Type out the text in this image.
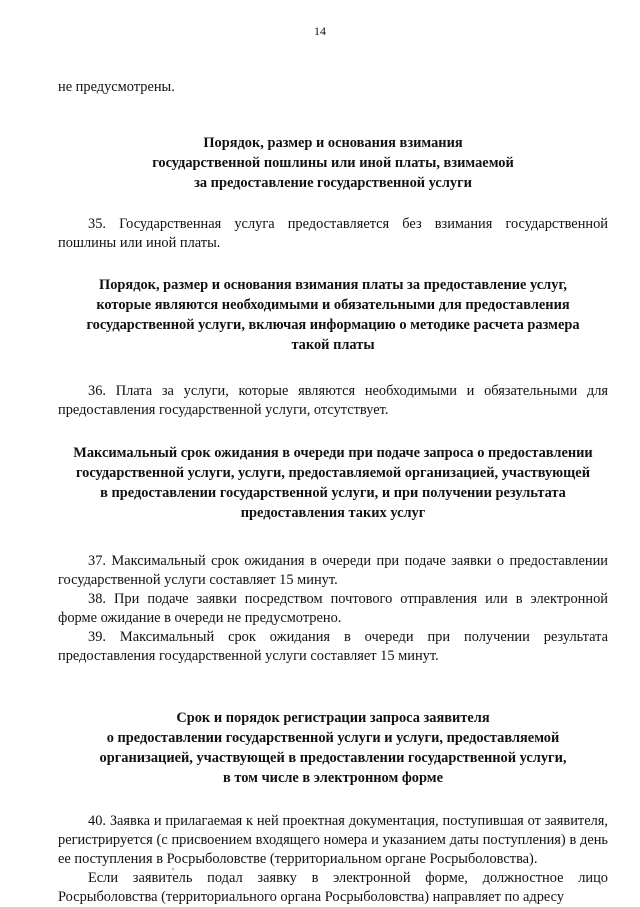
14

не предусмотрены.

Порядок, размер и основания взимания
государственной пошлины или иной платы, взимаемой
за предоставление государственной услуги

35. Государственная услуга предоставляется без взимания государственной пошлины или иной платы.

Порядок, размер и основания взимания платы за предоставление услуг,
которые являются необходимыми и обязательными для предоставления
государственной услуги, включая информацию о методике расчета размера
такой платы

36. Плата за услуги, которые являются необходимыми и обязательными для предоставления государственной услуги, отсутствует.

Максимальный срок ожидания в очереди при подаче запроса о предоставлении
государственной услуги, услуги, предоставляемой организацией, участвующей
в предоставлении государственной услуги, и при получении результата
предоставления таких услуг

37. Максимальный срок ожидания в очереди при подаче заявки о предоставлении государственной услуги составляет 15 минут.

38. При подаче заявки посредством почтового отправления или в электронной форме ожидание в очереди не предусмотрено.

39. Максимальный срок ожидания в очереди при получении результата предоставления государственной услуги составляет 15 минут.

Срок и порядок регистрации запроса заявителя
о предоставлении государственной услуги и услуги, предоставляемой
организацией, участвующей в предоставлении государственной услуги,
в том числе в электронном форме

40. Заявка и прилагаемая к ней проектная документация, поступившая от заявителя, регистрируется (с присвоением входящего номера и указанием даты поступления) в день ее поступления в Росрыболовстве (территориальном органе Росрыболовства).

Если заявитель подал заявку в электронной форме, должностное лицо Росрыболовства (территориального органа Росрыболовства) направляет по адресу
